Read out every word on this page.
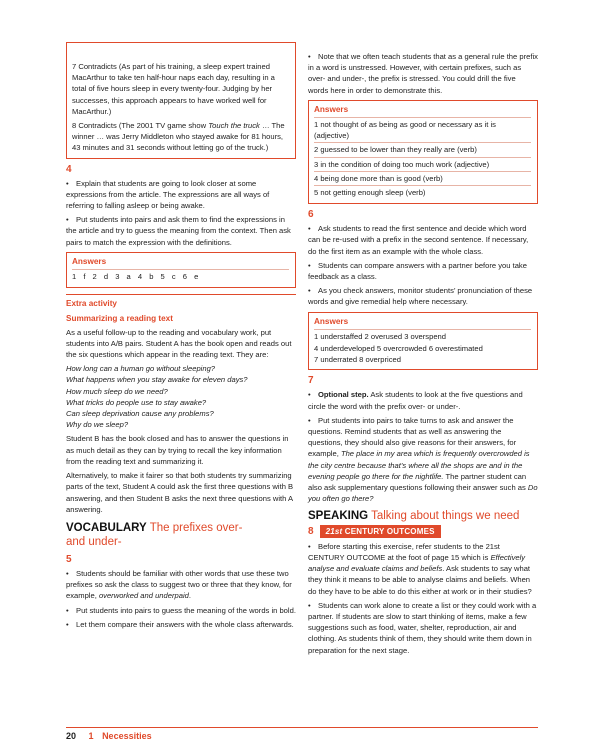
7 Contradicts (As part of his training, a sleep expert trained MacArthur to take ten half-hour naps each day, resulting in a total of five hours sleep in every twenty-four. Judging by her successes, this approach appears to have worked well for MacArthur.)

8 Contradicts (The 2001 TV game show Touch the truck … The winner … was Jerry Middleton who stayed awake for 81 hours, 43 minutes and 31 seconds without letting go of the truck.)

4

• Explain that students are going to look closer at some expressions from the article. The expressions are all ways of referring to falling asleep or being awake.

• Put students into pairs and ask them to find the expressions in the article and try to guess the meaning from the context. Then ask pairs to match the expression with the definitions.

Answers
1 f 2 d 3 a 4 b 5 c 6 e
Extra activity
Summarizing a reading text

As a useful follow-up to the reading and vocabulary work, put students into A/B pairs. Student A has the book open and reads out the six questions which appear in the reading text. They are:

How long can a human go without sleeping?
What happens when you stay awake for eleven days?
How much sleep do we need?
What tricks do people use to stay awake?
Can sleep deprivation cause any problems?
Why do we sleep?

Student B has the book closed and has to answer the questions in as much detail as they can by trying to recall the key information from the reading text and summarizing it.

Alternatively, to make it fairer so that both students try summarizing parts of the text, Student A could ask the first three questions with B answering, and then Student B asks the next three questions with A answering.

VOCABULARY The prefixes over-
and under-
5

• Students should be familiar with other words that use these two prefixes so ask the class to suggest two or three that they know, for example, overworked and underpaid.

• Put students into pairs to guess the meaning of the words in bold.

• Let them compare their answers with the whole class afterwards.

• Note that we often teach students that as a general rule the prefix in a word is unstressed. However, with certain prefixes, such as over- and under-, the prefix is stressed. You could drill the five words here in order to demonstrate this.

Answers
1 not thought of as being as good or necessary as it is (adjective)
2 guessed to be lower than they really are (verb)
3 in the condition of doing too much work (adjective)
4 being done more than is good (verb)
5 not getting enough sleep (verb)
6

• Ask students to read the first sentence and decide which word can be re-used with a prefix in the second sentence. If necessary, do the first item as an example with the whole class.

• Students can compare answers with a partner before you take feedback as a class.

• As you check answers, monitor students’ pronunciation of these words and give remedial help where necessary.

Answers
1 understaffed 2 overused 3 overspend
4 underdeveloped 5 overcrowded 6 overestimated
7 underrated 8 overpriced
7

• Optional step. Ask students to look at the five questions and circle the word with the prefix over- or under-.

• Put students into pairs to take turns to ask and answer the questions. Remind students that as well as answering the questions, they should also give reasons for their answers, for example, The place in my area which is frequently overcrowded is the city centre because that’s where all the shops are and in the evening people go there for the nightlife. The partner student can also ask supplementary questions following their answer such as Do you often go there?

SPEAKING Talking about things we need
8	21st CENTURY OUTCOMES

• Before starting this exercise, refer students to the 21st CENTURY OUTCOME at the foot of page 15 which is Effectively analyse and evaluate claims and beliefs. Ask students to say what they think it means to be able to analyse claims and beliefs. When do they have to be able to do this either at work or in their studies?

• Students can work alone to create a list or they could work with a partner. If students are slow to start thinking of items, make a few suggestions such as food, water, shelter, reproduction, air and clothing. As students think of them, they should write them down in preparation for the next stage.

20 1 Necessities
